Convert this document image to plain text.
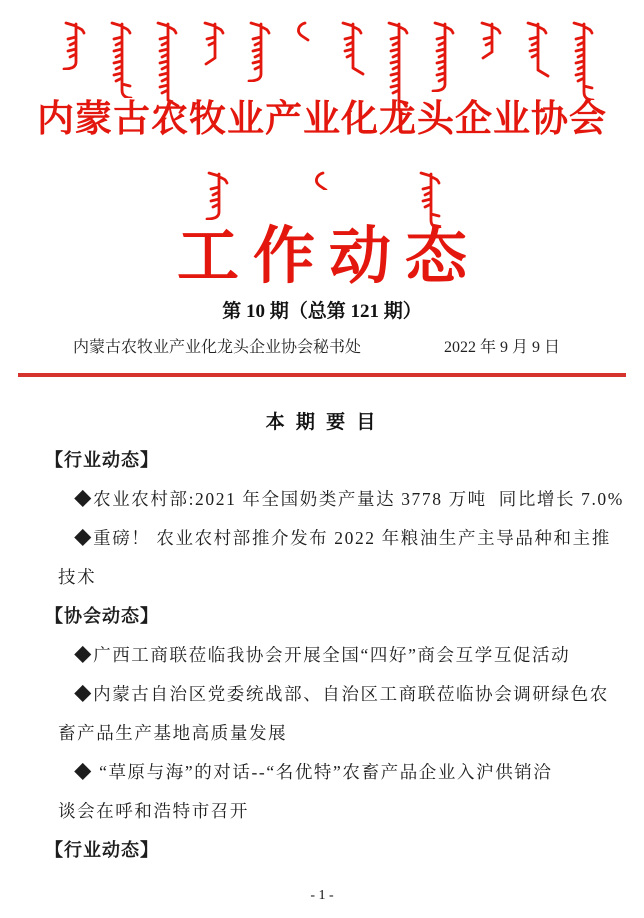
内蒙古农牧业产业化龙头企业协会
工作动态
第 10 期（总第 121 期）
内蒙古农牧业产业化龙头企业协会秘书处	2022 年 9 月 9 日
本 期 要 目
【行业动态】
◆农业农村部:2021 年全国奶类产量达 3778 万吨  同比增长 7.0%
◆重磅！ 农业农村部推介发布 2022 年粮油生产主导品种和主推
技术
【协会动态】
◆广西工商联莅临我协会开展全国“四好”商会互学互促活动
◆内蒙古自治区党委统战部、自治区工商联莅临协会调研绿色农
畜产品生产基地高质量发展
◆ “草原与海”的对话--“名优特”农畜产品企业入沪供销洽
谈会在呼和浩特市召开
【行业动态】
- 1 -
